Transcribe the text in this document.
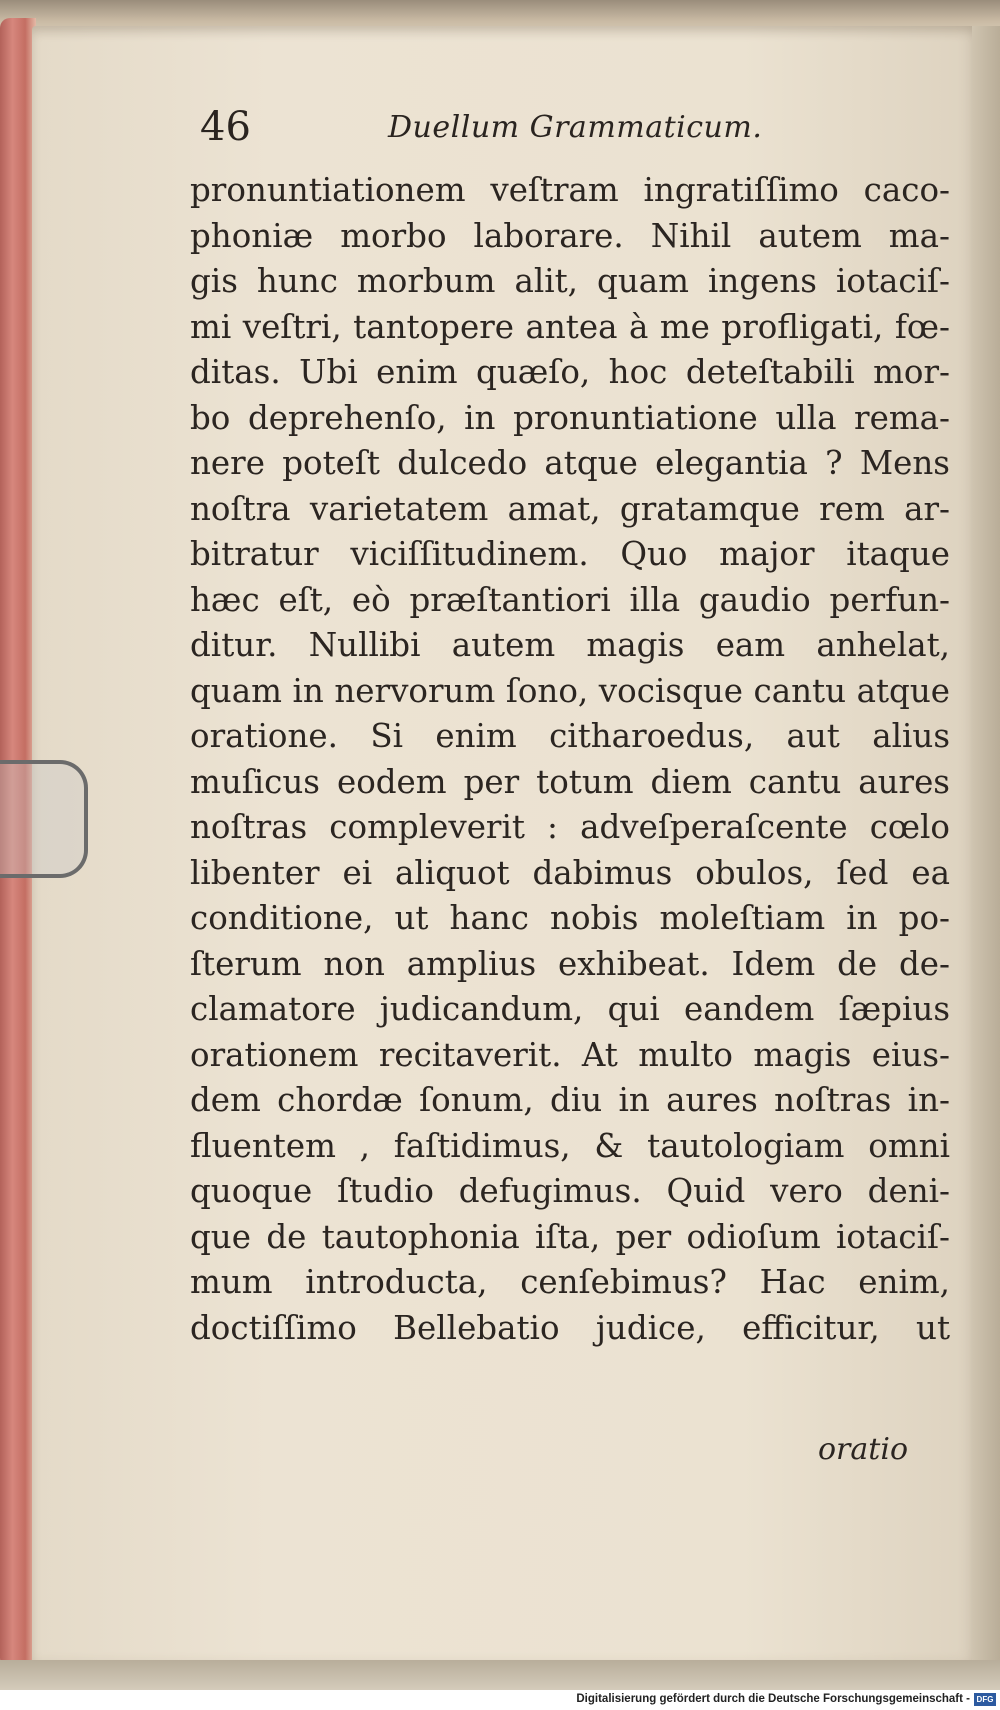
46	Duellum Grammaticum.
pronuntiationem veſtram ingratiſſimo caco-
phoniæ morbo laborare. Nihil autem ma-
gis hunc morbum alit, quam ingens iotaciſ-
mi veſtri, tantopere antea à me profligati, fœ-
ditas. Ubi enim quæſo, hoc deteſtabili mor-
bo deprehenſo, in pronuntiatione ulla rema-
nere poteſt dulcedo atque elegantia ? Mens
noſtra varietatem amat, gratamque rem ar-
bitratur viciſſitudinem. Quo major itaque
hæc eſt, eò præſtantiori illa gaudio perfun-
ditur. Nullibi autem magis eam anhelat,
quam in nervorum ſono, vocisque cantu atque
oratione. Si enim citharoedus, aut alius
muſicus eodem per totum diem cantu aures
noſtras compleverit : adveſperaſcente cœlo
libenter ei aliquot dabimus obulos, ſed ea
conditione, ut hanc nobis moleſtiam in po-
ſterum non amplius exhibeat. Idem de de-
clamatore judicandum, qui eandem ſæpius
orationem recitaverit. At multo magis eius-
dem chordæ ſonum, diu in aures noſtras in-
fluentem , faſtidimus, & tautologiam omni
quoque ſtudio defugimus. Quid vero deni-
que de tautophonia iſta, per odioſum iotaciſ-
mum introducta, cenſebimus? Hac enim,
doctiſſimo Bellebatio judice, efficitur, ut
oratio
Digitalisierung gefördert durch die Deutsche Forschungsgemeinschaft - DFG
